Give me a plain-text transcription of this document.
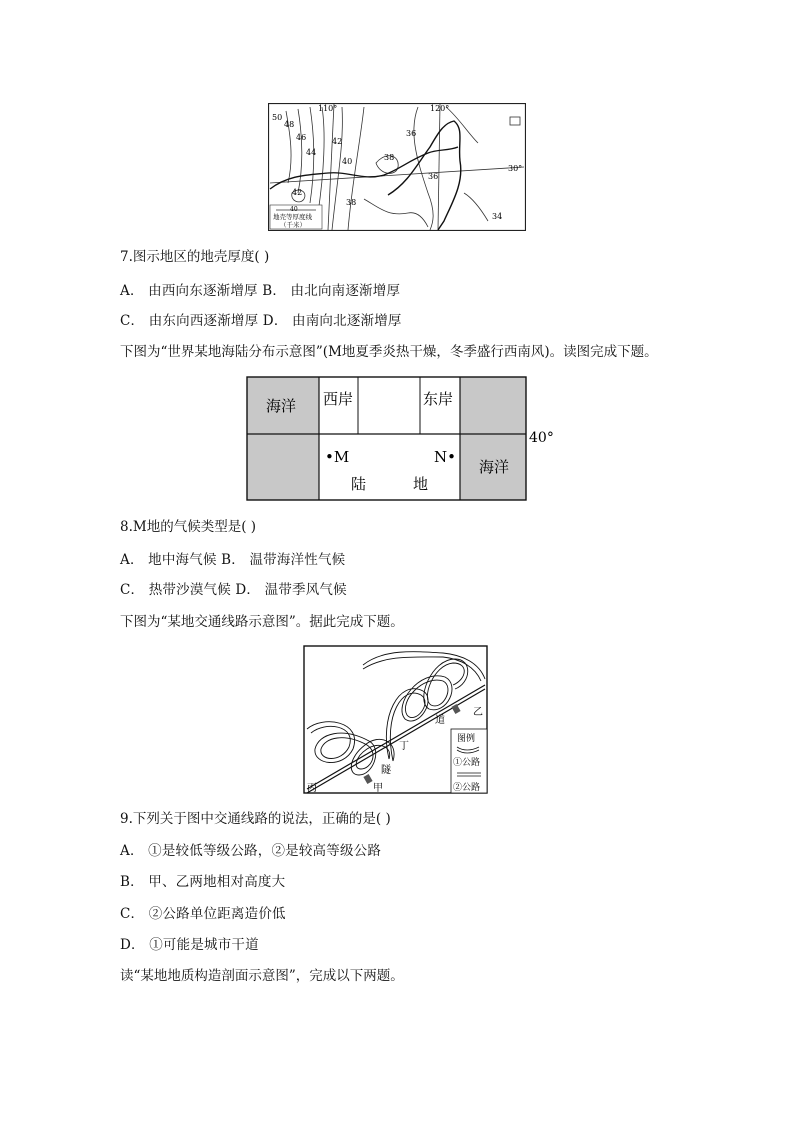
50
48
46
44
42
40	38
36
34
42
38
36
110°	120°
30°
40
地壳等厚度线
（千米）
7.图示地区的地壳厚度( )
A． 由西向东逐渐增厚 B． 由北向南逐渐增厚
C． 由东向西逐渐增厚 D． 由南向北逐渐增厚
下图为“世界某地海陆分布示意图”(M地夏季炎热干燥，冬季盛行西南风)。读图完成下题。
海洋 西岸	东岸
40°
•M	N•
陆	地
海洋
8.M地的气候类型是( )
A． 地中海气候 B． 温带海洋性气候
C． 热带沙漠气候 D． 温带季风气候
下图为“某地交通线路示意图”。据此完成下题。
乙
道
丁
隧
甲
丙
图例
①公路
②公路
9.下列关于图中交通线路的说法，正确的是( )
A． ①是较低等级公路，②是较高等级公路
B． 甲、乙两地相对高度大
C． ②公路单位距离造价低
D． ①可能是城市干道
读“某地地质构造剖面示意图”，完成以下两题。
